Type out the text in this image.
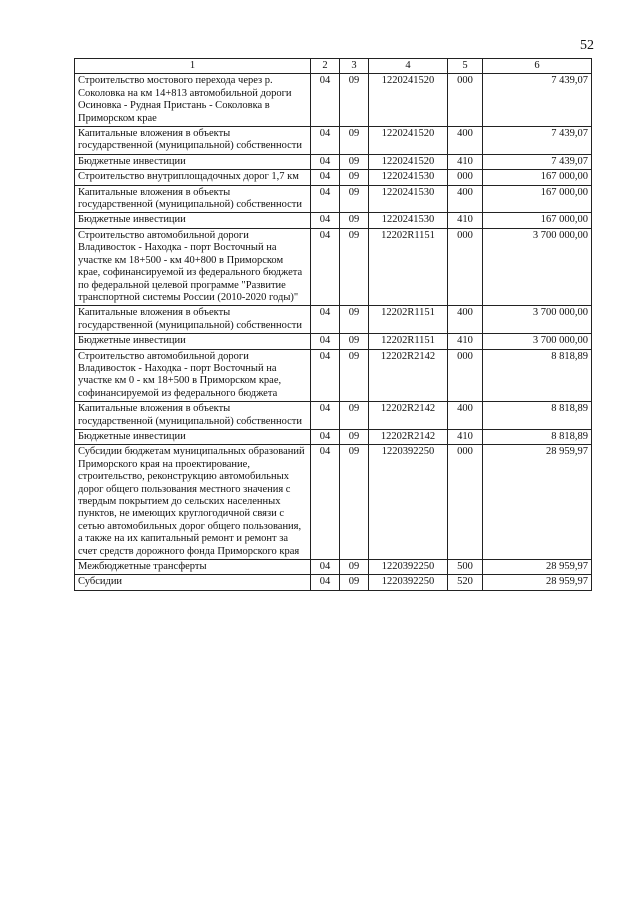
52
1	2	3	4	5	6
Строительство мостового перехода через р. Соколовка на км 14+813 автомобильной дороги Осиновка - Рудная Пристань - Соколовка в Приморском крае	04	09	1220241520	000	7 439,07
Капитальные вложения в объекты государственной (муниципальной) собственности	04	09	1220241520	400	7 439,07
Бюджетные инвестиции	04	09	1220241520	410	7 439,07
Строительство внутриплощадочных дорог 1,7 км	04	09	1220241530	000	167 000,00
Капитальные вложения в объекты государственной (муниципальной) собственности	04	09	1220241530	400	167 000,00
Бюджетные инвестиции	04	09	1220241530	410	167 000,00
Строительство автомобильной дороги Владивосток - Находка - порт Восточный на участке км 18+500 - км 40+800 в Приморском крае, софинансируемой из федерального бюджета по федеральной целевой программе "Развитие транспортной системы России (2010-2020 годы)"	04	09	12202R1151	000	3 700 000,00
Капитальные вложения в объекты государственной (муниципальной) собственности	04	09	12202R1151	400	3 700 000,00
Бюджетные инвестиции	04	09	12202R1151	410	3 700 000,00
Строительство автомобильной дороги Владивосток - Находка - порт Восточный на участке км 0 - км 18+500 в Приморском крае, софинансируемой из федерального бюджета	04	09	12202R2142	000	8 818,89
Капитальные вложения в объекты государственной (муниципальной) собственности	04	09	12202R2142	400	8 818,89
Бюджетные инвестиции	04	09	12202R2142	410	8 818,89
Субсидии бюджетам муниципальных образований Приморского края на проектирование, строительство, реконструкцию автомобильных дорог общего пользования местного значения с твердым покрытием до сельских населенных пунктов, не имеющих круглогодичной связи с сетью автомобильных дорог общего пользования, а также на их капитальный ремонт и ремонт за счет средств дорожного фонда Приморского края	04	09	1220392250	000	28 959,97
Межбюджетные трансферты	04	09	1220392250	500	28 959,97
Субсидии	04	09	1220392250	520	28 959,97
